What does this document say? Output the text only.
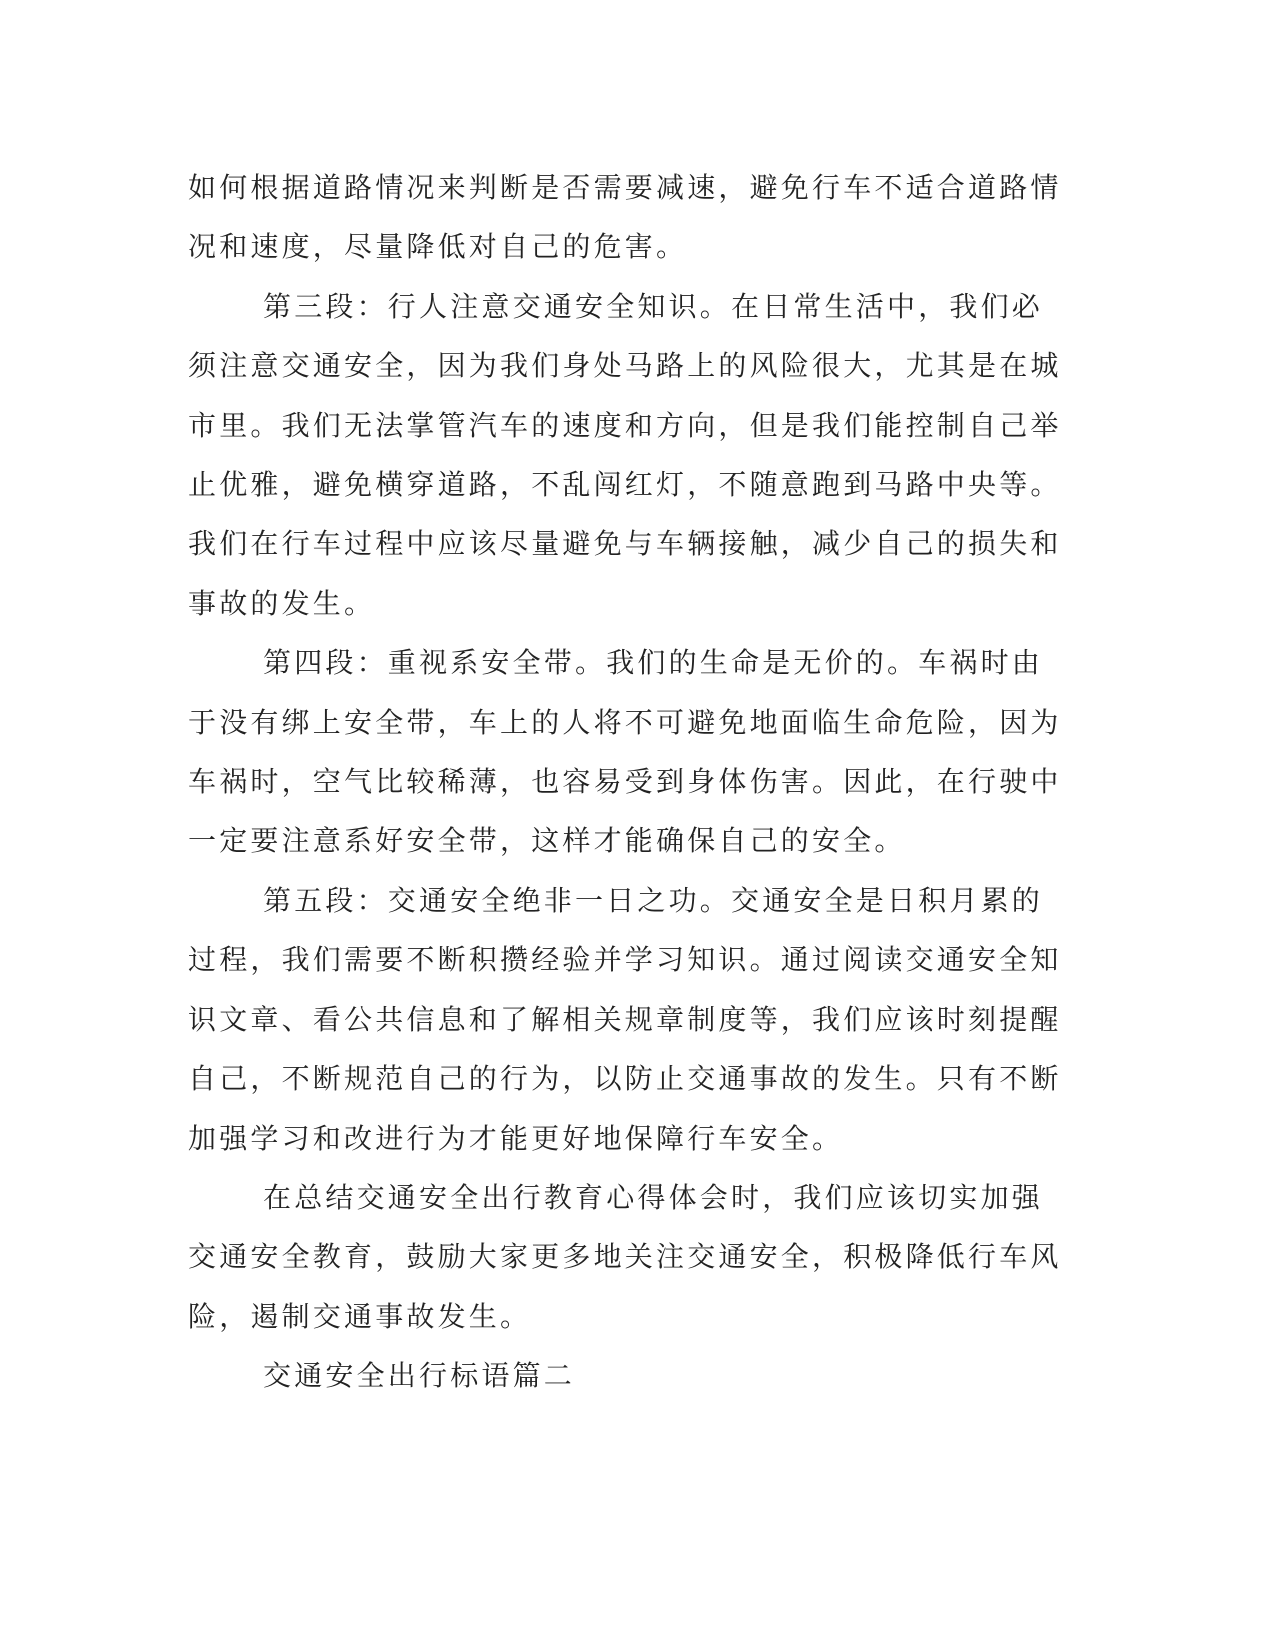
如何根据道路情况来判断是否需要减速，避免行车不适合道路情况和速度，尽量降低对自己的危害。

第三段：行人注意交通安全知识。在日常生活中，我们必须注意交通安全，因为我们身处马路上的风险很大，尤其是在城市里。我们无法掌管汽车的速度和方向，但是我们能控制自己举止优雅，避免横穿道路，不乱闯红灯，不随意跑到马路中央等。我们在行车过程中应该尽量避免与车辆接触，减少自己的损失和事故的发生。

第四段：重视系安全带。我们的生命是无价的。车祸时由于没有绑上安全带，车上的人将不可避免地面临生命危险，因为车祸时，空气比较稀薄，也容易受到身体伤害。因此，在行驶中一定要注意系好安全带，这样才能确保自己的安全。

第五段：交通安全绝非一日之功。交通安全是日积月累的过程，我们需要不断积攒经验并学习知识。通过阅读交通安全知识文章、看公共信息和了解相关规章制度等，我们应该时刻提醒自己，不断规范自己的行为，以防止交通事故的发生。只有不断加强学习和改进行为才能更好地保障行车安全。

在总结交通安全出行教育心得体会时，我们应该切实加强交通安全教育，鼓励大家更多地关注交通安全，积极降低行车风险，遏制交通事故发生。

交通安全出行标语篇二
